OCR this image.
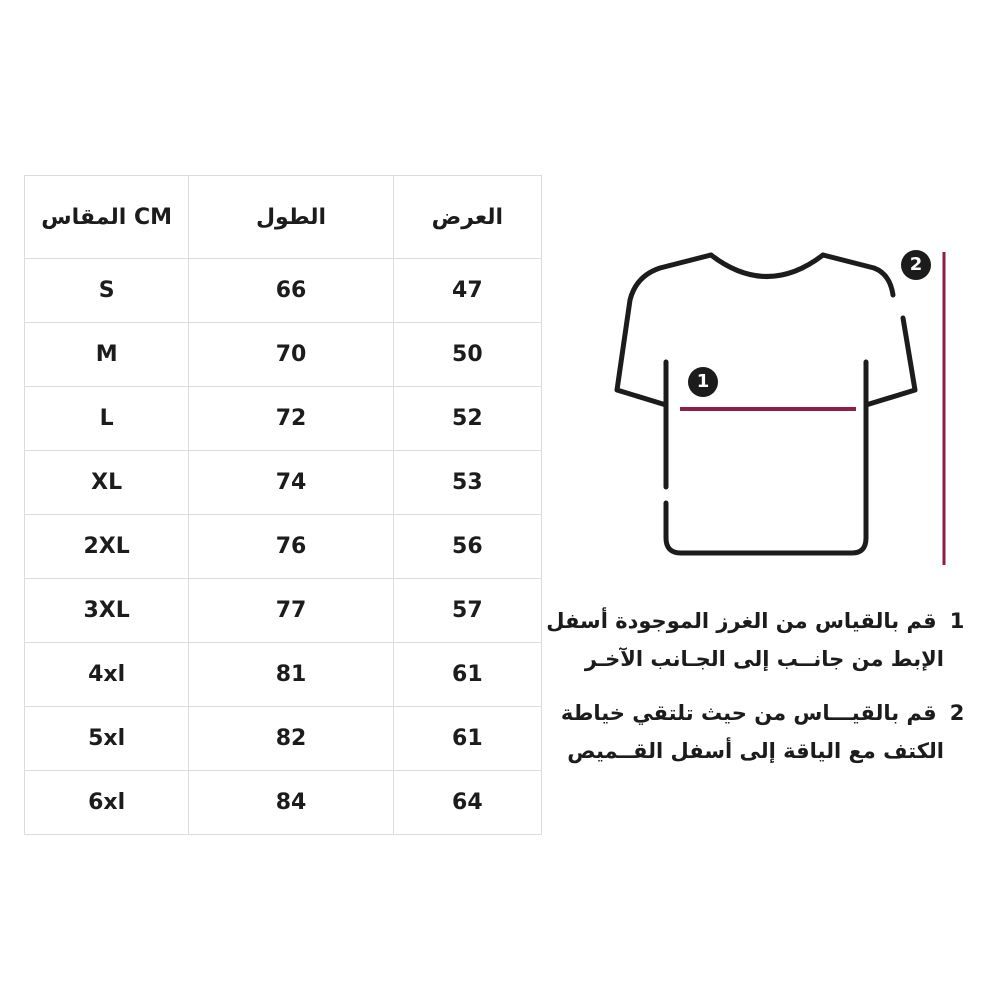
المقاس CM	الطول	العرض
S	66	47
M	70	50
L	72	52
XL	74	53
2XL	76	56
3XL	77	57
4xl	81	61
5xl	82	61
6xl	84	64
1
2
1 قم بالقياس من الغرز الموجودة أسفل
الإبط من جانــب إلى الجـانب الآخـر
2 قم بالقيـــاس من حيث تلتقي خياطة
الكتف مع الياقة إلى أسفل القــميص
